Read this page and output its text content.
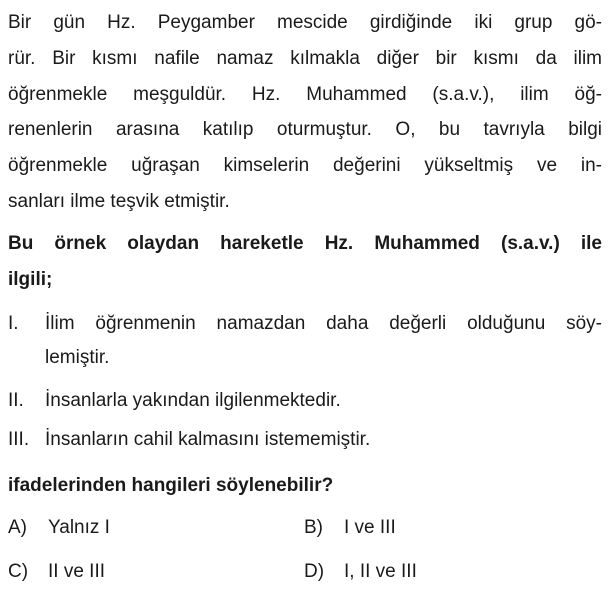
Bir gün Hz. Peygamber mescide girdiğinde iki grup gö-
rür. Bir kısmı nafile namaz kılmakla diğer bir kısmı da ilim
öğrenmekle meşguldür. Hz. Muhammed (s.a.v.), ilim öğ-
renenlerin arasına katılıp oturmuştur. O, bu tavrıyla bilgi
öğrenmekle uğraşan kimselerin değerini yükseltmiş ve in-
sanları ilme teşvik etmiştir.
Bu örnek olaydan hareketle Hz. Muhammed (s.a.v.) ile
ilgili;
I. İlim öğrenmenin namazdan daha değerli olduğunu söy-
lemiştir.
II. İnsanlarla yakından ilgilenmektedir.
III. İnsanların cahil kalmasını istememiştir.
ifadelerinden hangileri söylenebilir?
A) Yalnız I	B) I ve III
C) II ve III	D) I, II ve III
